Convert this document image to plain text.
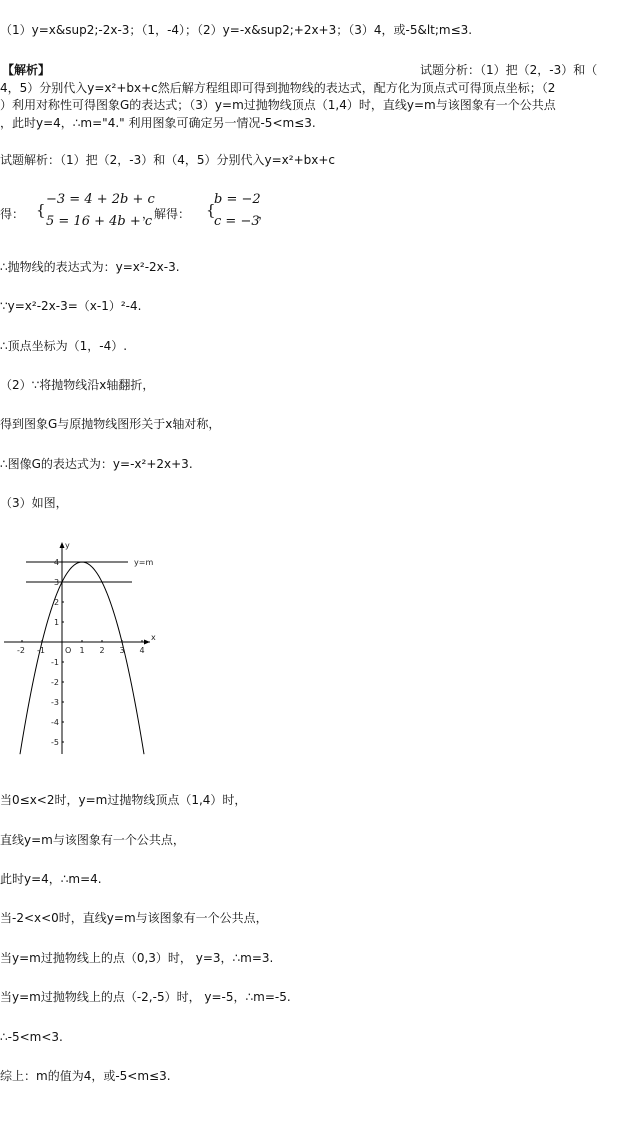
（1）y=x&sup2;-2x-3；（1，-4）；（2）y=-x&sup2;+2x+3；（3）4，或-5&lt;m≤3.
【解析】	试题分析：（1）把（2，-3）和（
4，5）分别代入y=x²+bx+c然后解方程组即可得到抛物线的表达式，配方化为顶点式可得顶点坐标；（2
）利用对称性可得图象G的表达式；（3）y=m过抛物线顶点（1,4）时，直线y=m与该图象有一个公共点
，此时y=4，∴m="4." 利用图象可确定另一情况-5<m≤3.
试题解析：（1）把（2，-3）和（4，5）分别代入y=x²+bx+c
得： {
−3 = 4 + 2b + c
5 = 16 + 4b + c
，解得： {
b = −2
c = −3
，
∴抛物线的表达式为：y=x²-2x-3.
∵y=x²-2x-3=（x-1）²-4.
∴顶点坐标为（1，-4）.
（2）∵将抛物线沿x轴翻折，
得到图象G与原抛物线图形关于x轴对称，
∴图像G的表达式为：y=-x²+2x+3.
（3）如图，
-2 -1	1 2 3 4
4
3
2
1
-1
-2
-3
-4
-5
y
x
O
y=m
当0≤x<2时，y=m过抛物线顶点（1,4）时，
直线y=m与该图象有一个公共点，
此时y=4，∴m=4.
当-2<x<0时，直线y=m与该图象有一个公共点，
当y=m过抛物线上的点（0,3）时， y=3，∴m=3.
当y=m过抛物线上的点（-2,-5）时， y=-5，∴m=-5.
∴-5<m<3.
综上：m的值为4，或-5<m≤3.
